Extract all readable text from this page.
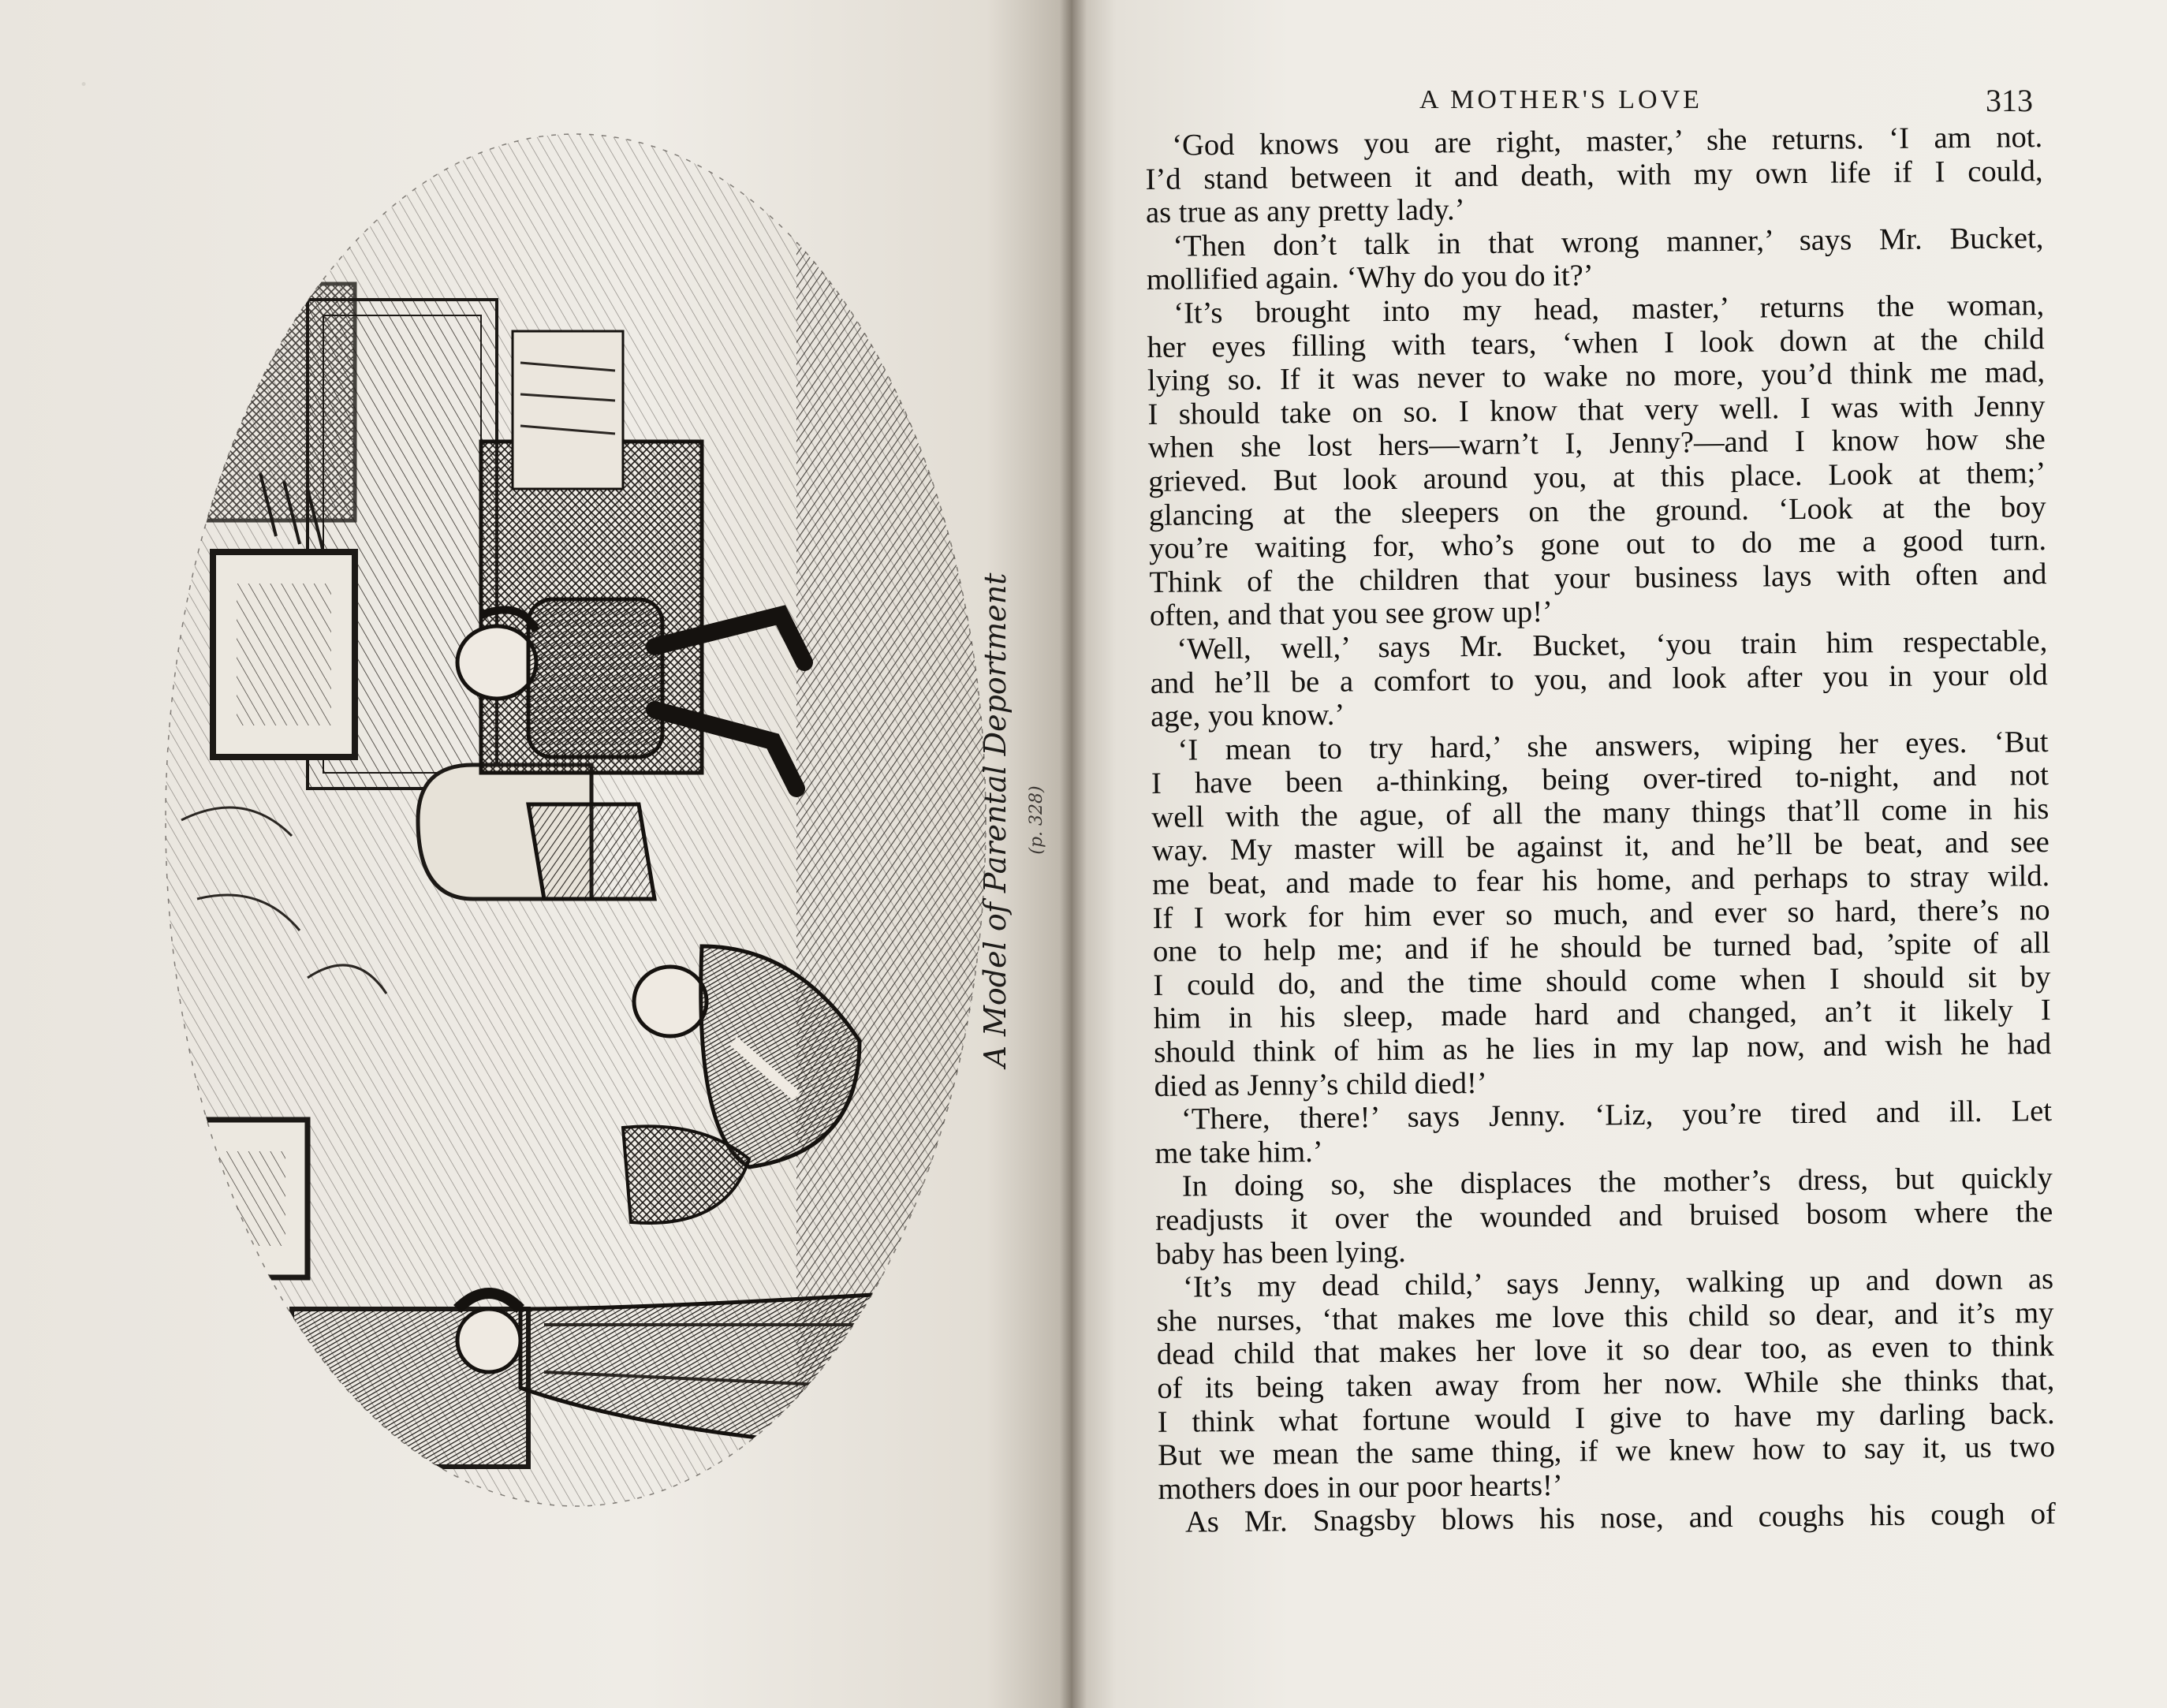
·
A Model of Parental Deportment (p. 328)
A MOTHER'S LOVE	313
‘God knows you are right, master,’ she returns. ‘I am not.
I’d stand between it and death, with my own life if I could,
as true as any pretty lady.’
‘Then don’t talk in that wrong manner,’ says Mr. Bucket,
mollified again. ‘Why do you do it?’
‘It’s brought into my head, master,’ returns the woman,
her eyes filling with tears, ‘when I look down at the child
lying so. If it was never to wake no more, you’d think me mad,
I should take on so. I know that very well. I was with Jenny
when she lost hers—warn’t I, Jenny?—and I know how she
grieved. But look around you, at this place. Look at them;’
glancing at the sleepers on the ground. ‘Look at the boy
you’re waiting for, who’s gone out to do me a good turn.
Think of the children that your business lays with often and
often, and that you see grow up!’
‘Well, well,’ says Mr. Bucket, ‘you train him respectable,
and he’ll be a comfort to you, and look after you in your old
age, you know.’
‘I mean to try hard,’ she answers, wiping her eyes. ‘But
I have been a-thinking, being over-tired to-night, and not
well with the ague, of all the many things that’ll come in his
way. My master will be against it, and he’ll be beat, and see
me beat, and made to fear his home, and perhaps to stray wild.
If I work for him ever so much, and ever so hard, there’s no
one to help me; and if he should be turned bad, ’spite of all
I could do, and the time should come when I should sit by
him in his sleep, made hard and changed, an’t it likely I
should think of him as he lies in my lap now, and wish he had
died as Jenny’s child died!’
‘There, there!’ says Jenny. ‘Liz, you’re tired and ill. Let
me take him.’
In doing so, she displaces the mother’s dress, but quickly
readjusts it over the wounded and bruised bosom where the
baby has been lying.
‘It’s my dead child,’ says Jenny, walking up and down as
she nurses, ‘that makes me love this child so dear, and it’s my
dead child that makes her love it so dear too, as even to think
of its being taken away from her now. While she thinks that,
I think what fortune would I give to have my darling back.
But we mean the same thing, if we knew how to say it, us two
mothers does in our poor hearts!’
As Mr. Snagsby blows his nose, and coughs his cough of
